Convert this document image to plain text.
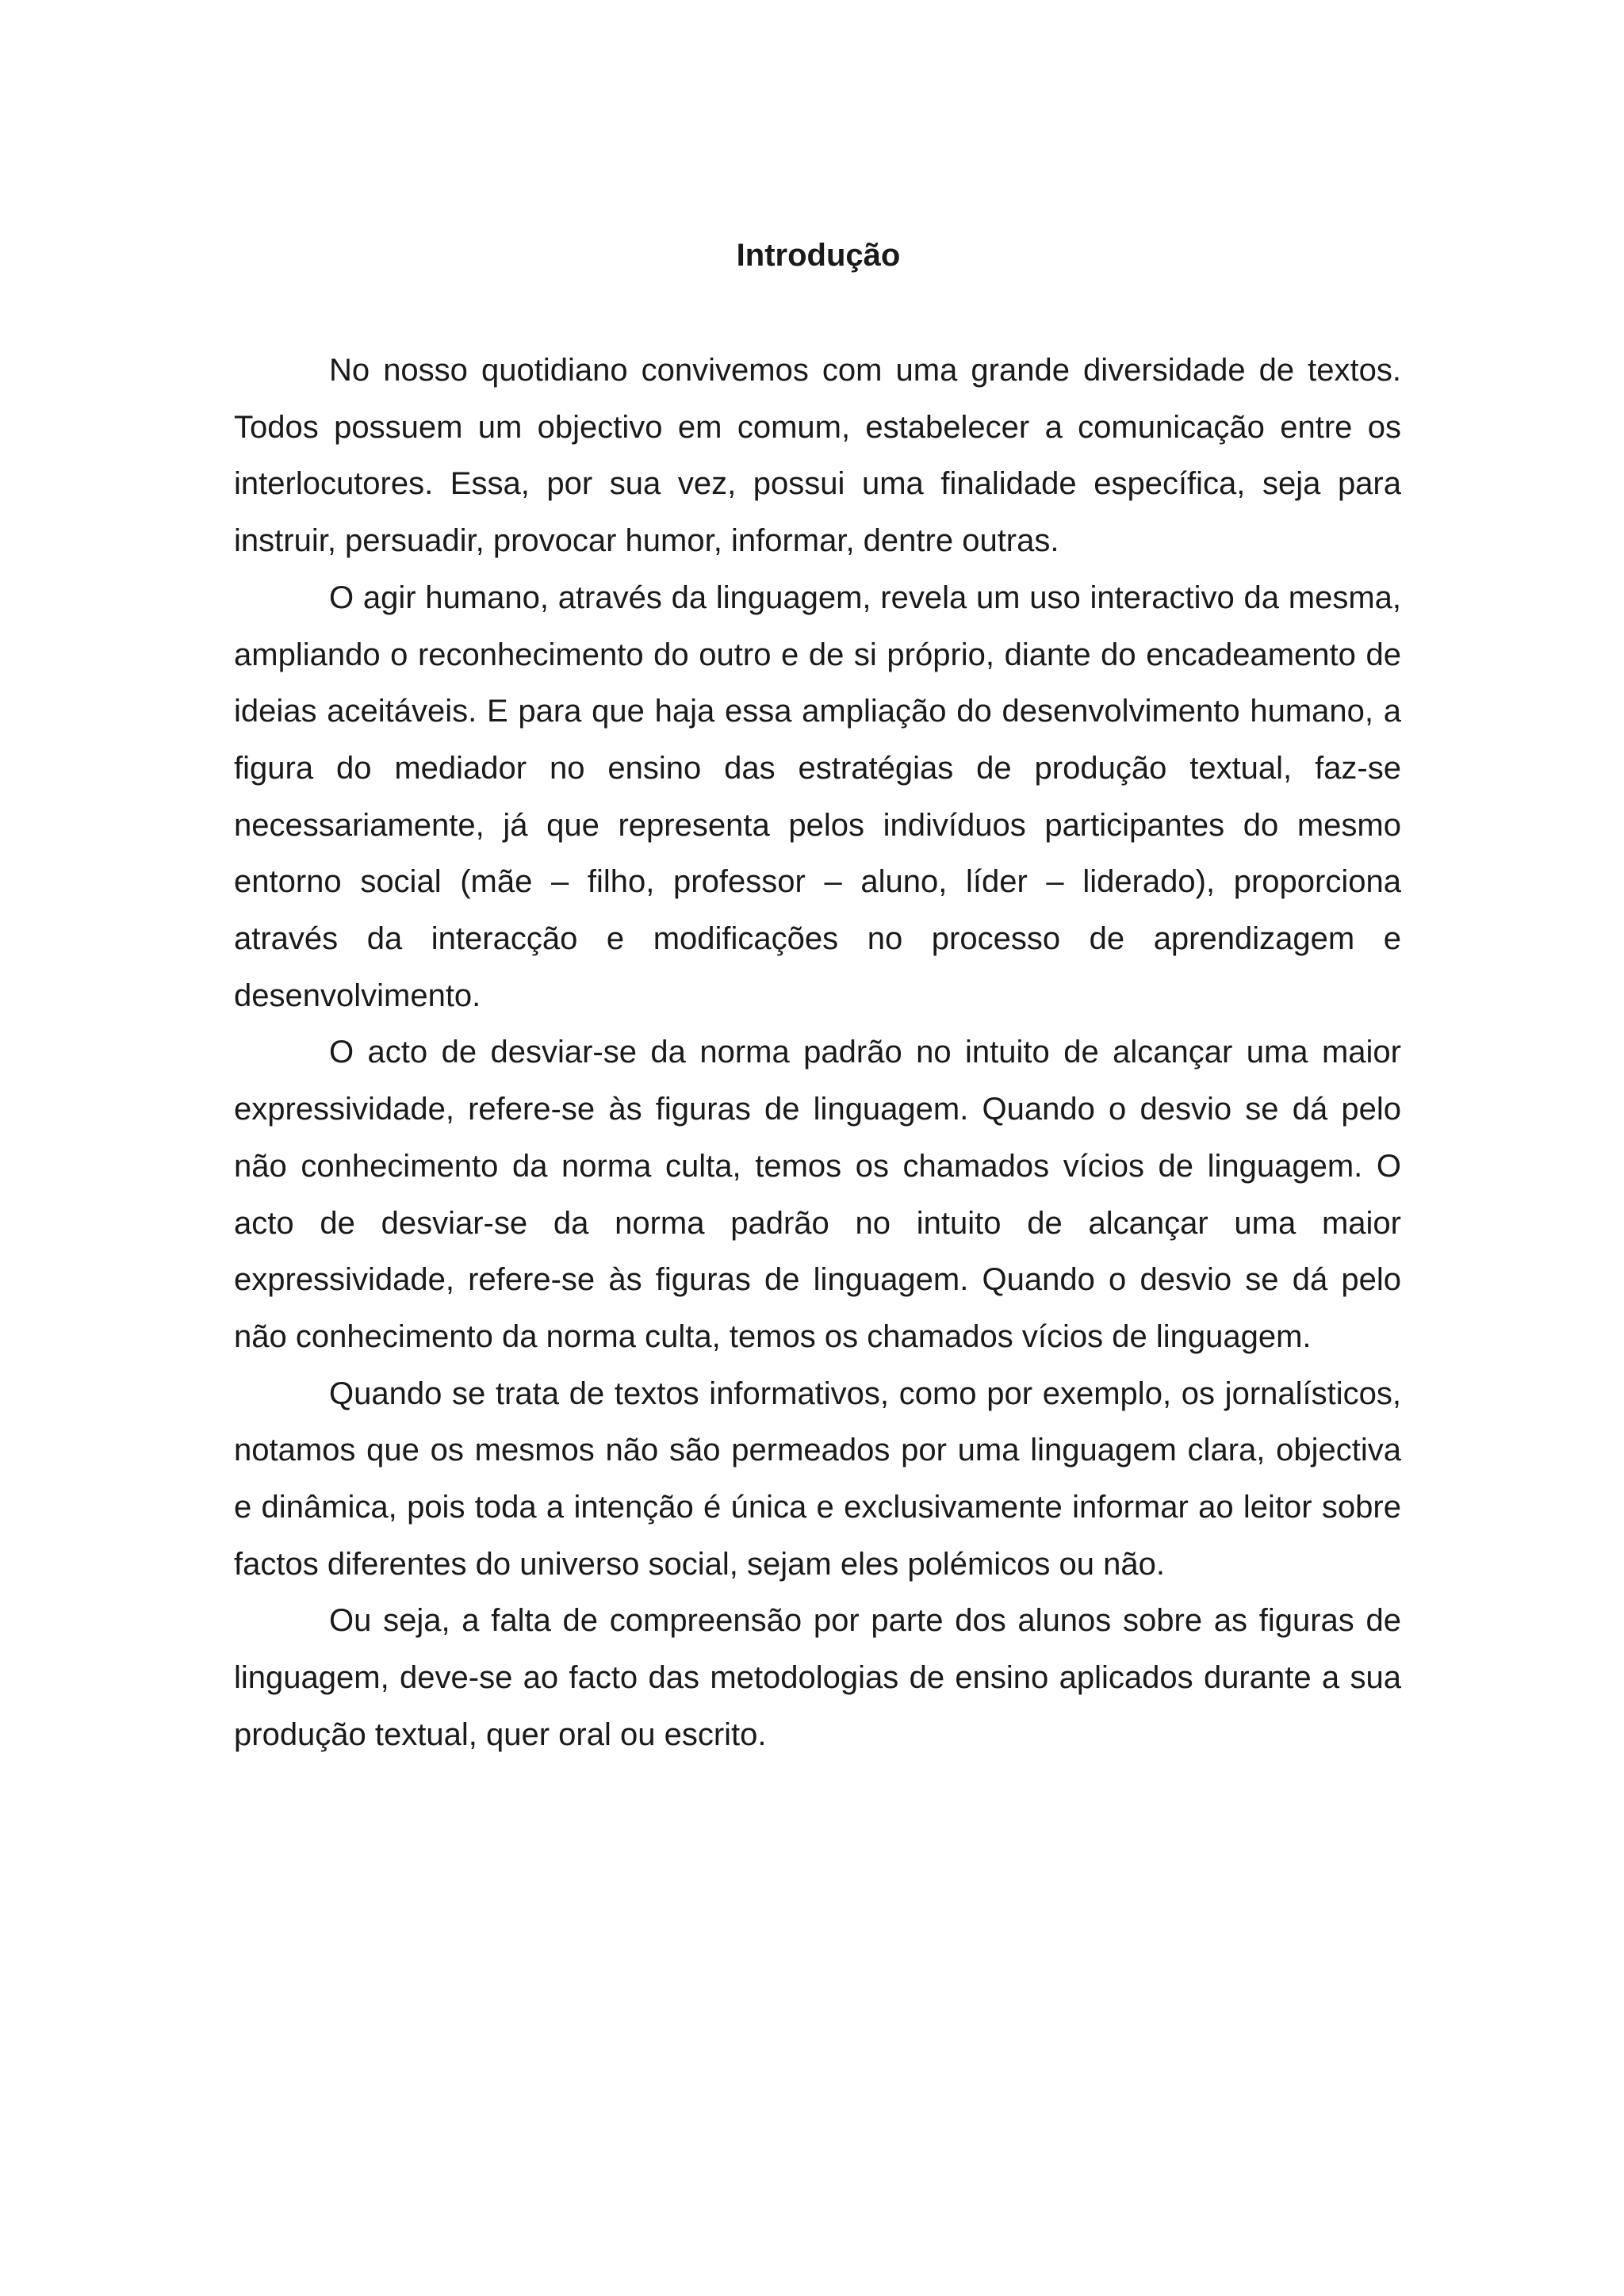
Introdução

No nosso quotidiano convivemos com uma grande diversidade de textos. Todos possuem um objectivo em comum, estabelecer a comunicação entre os interlocutores. Essa, por sua vez, possui uma finalidade específica, seja para instruir, persuadir, provocar humor, informar, dentre outras.

O agir humano, através da linguagem, revela um uso interactivo da mesma, ampliando o reconhecimento do outro e de si próprio, diante do encadeamento de ideias aceitáveis. E para que haja essa ampliação do desenvolvimento humano, a figura do mediador no ensino das estratégias de produção textual, faz-se necessariamente, já que representa pelos indivíduos participantes do mesmo entorno social (mãe – filho, professor – aluno, líder – liderado), proporciona através da interacção e modificações no processo de aprendizagem e desenvolvimento.

O acto de desviar-se da norma padrão no intuito de alcançar uma maior expressividade, refere-se às figuras de linguagem. Quando o desvio se dá pelo não conhecimento da norma culta, temos os chamados vícios de linguagem. O acto de desviar-se da norma padrão no intuito de alcançar uma maior expressividade, refere-se às figuras de linguagem. Quando o desvio se dá pelo não conhecimento da norma culta, temos os chamados vícios de linguagem.

Quando se trata de textos informativos, como por exemplo, os jornalísticos, notamos que os mesmos não são permeados por uma linguagem clara, objectiva e dinâmica, pois toda a intenção é única e exclusivamente informar ao leitor sobre factos diferentes do universo social, sejam eles polémicos ou não.

Ou seja, a falta de compreensão por parte dos alunos sobre as figuras de linguagem, deve-se ao facto das metodologias de ensino aplicados durante a sua produção textual, quer oral ou escrito.
